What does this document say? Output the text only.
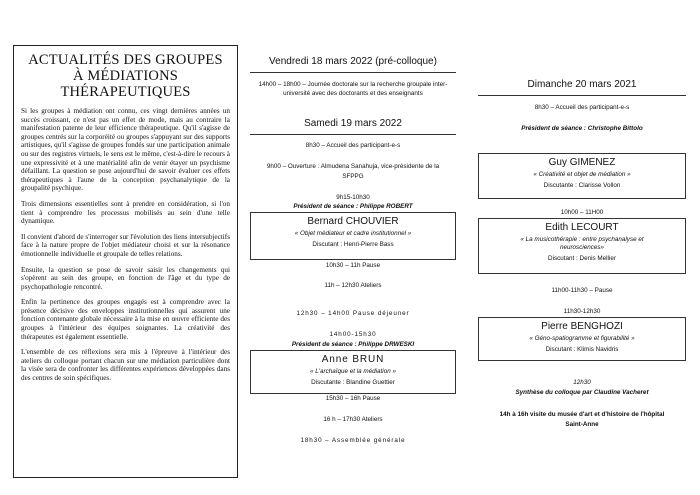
ACTUALITÉS DES GROUPES À MÉDIATIONS THÉRAPEUTIQUES

Si les groupes à médiation ont connu, ces vingt dernières années un succès croissant, ce n'est pas un effet de mode, mais au contraire la manifestation patente de leur efficience thérapeutique. Qu'il s'agisse de groupes centrés sur la corporéité ou groupes s'appuyant sur des supports artistiques, qu'il s'agisse de groupes fondés sur une participation animale ou sur des registres virtuels, le sens est le même, c'est-à-dire le recours à une expressivité et à une matérialité afin de venir étayer un psychisme défaillant. La question se pose aujourd'hui de savoir évaluer ces effets thérapeutiques à l'aune de la conception psychanalytique de la groupalité psychique.

Trois dimensions essentielles sont à prendre en considération, si l'on tient à comprendre les processus mobilisés au sein d'une telle dynamique.

Il convient d'abord de s'interroger sur l'évolution des liens intersubjectifs face à la nature propre de l'objet médiateur choisi et sur la résonance émotionnelle individuelle et groupale de telles relations.

Ensuite, la question se pose de savoir saisir les changements qui s'opèrent au sein des groupe, en fonction de l'âge et du type de psychopathologie rencontré.

Enfin la pertinence des groupes engagés est à comprendre avec la présence décisive des enveloppes institutionnelles qui assurent une fonction contenante globale nécessaire à la mise en œuvre efficiente des groupes à l'intérieur des équipes soignantes. La créativité des thérapeutes est également essentielle.

L'ensemble de ces réflexions sera mis à l'épreuve à l'intérieur des ateliers du colloque portant chacun sur une médiation particulière dont la visée sera de confronter les différentes expériences développées dans des centres de soin spécifiques.

Vendredi 18 mars 2022 (pré-colloque)
14h00 – 18h00 – Journée doctorale sur la recherche groupale inter-
université avec des doctorants et des enseignants
Samedi 19 mars 2022
8h30 – Accueil des participant-e-s
9h00 – Ouverture : Almudena Sanahuja, vice-présidente de la
SFPPG
9h15-10h30
Président de séance : Philippe ROBERT
Bernard CHOUVIER
« Objet médiateur et cadre institutionnel »
Discutant : Henri-Pierre Bass
10h30 – 11h Pause
11h – 12h30 Ateliers
12h30 – 14h00 Pause déjeuner
14h00-15h30
Président de séance : Philippe DRWESKI
Anne BRUN
« L'archaïque et la médiation »
Discutante : Blandine Guettier
15h30 – 16h Pause
16 h – 17h30 Ateliers
18h30 – Assemblée générale
Dimanche 20 mars 2021
8h30 – Accueil des participant-e-s
Président de séance : Christophe Bittolo
Guy GIMENEZ
« Créativité et objet de médiation »
Discutante : Clarisse Vollon
10h00 – 11H00
Edith LECOURT
« La musicothérapie : entre psychanalyse et
neurosciences»
Discutant : Denis Mellier
11h00-11h30 – Pause
11h30-12h30
Pierre BENGHOZI
« Géno-spatiogramme et figurabilité »
Discutant : Klimis Navidris
12h30
Synthèse du colloque par Claudine Vacheret
14h à 16h visite du musée d'art et d'histoire de l'hôpital
Saint-Anne
